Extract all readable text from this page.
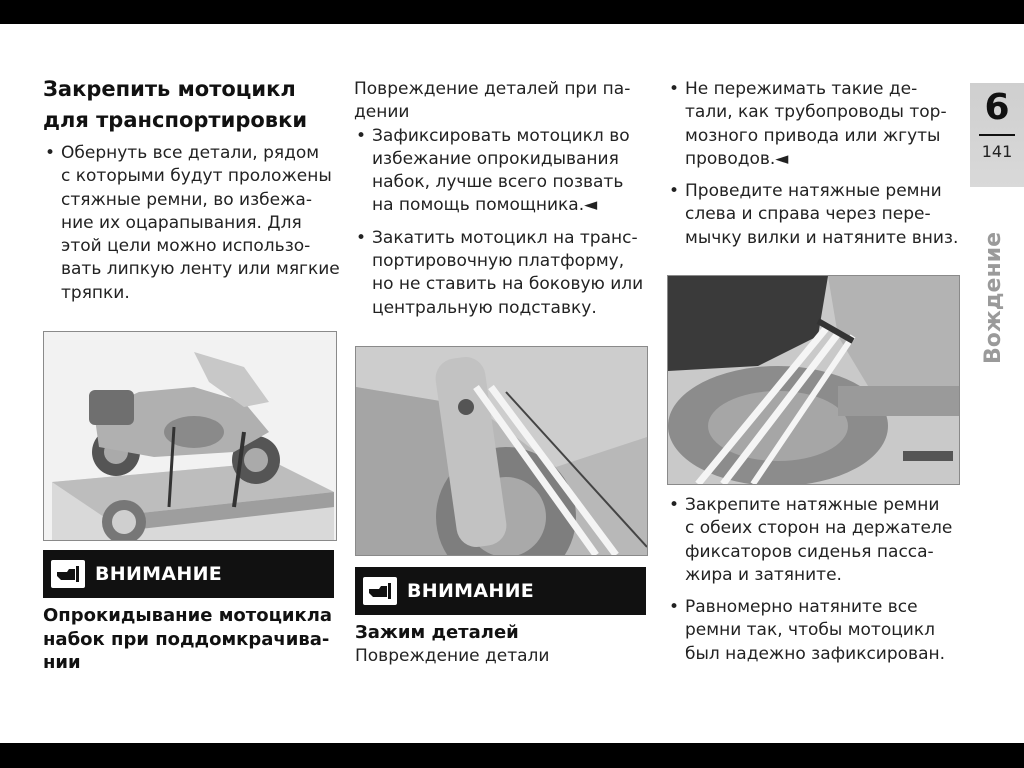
Закрепить мотоцикл
для транспортировки
• Обернуть все детали, рядом
с которыми будут проложены
стяжные ремни, во избежа-
ние их оцарапывания. Для
этой цели можно использо-
вать липкую ленту или мягкие
тряпки.
ВНИМАНИЕ
Опрокидывание мотоцикла
набок при поддомкрачива-
нии
Повреждение деталей при па-
дении
• Зафиксировать мотоцикл во
избежание опрокидывания
набок, лучше всего позвать
на помощь помощника.◄
• Закатить мотоцикл на транс-
портировочную платформу,
но не ставить на боковую или
центральную подставку.
ВНИМАНИЕ
Зажим деталей
Повреждение детали
• Не пережимать такие де-
тали, как трубопроводы тор-
мозного привода или жгуты
проводов.◄
• Проведите натяжные ремни
слева и справа через пере-
мычку вилки и натяните вниз.
• Закрепите натяжные ремни
с обеих сторон на держателе
фиксаторов сиденья пасса-
жира и затяните.
• Равномерно натяните все
ремни так, чтобы мотоцикл
был надежно зафиксирован.
6
141
Вождение
